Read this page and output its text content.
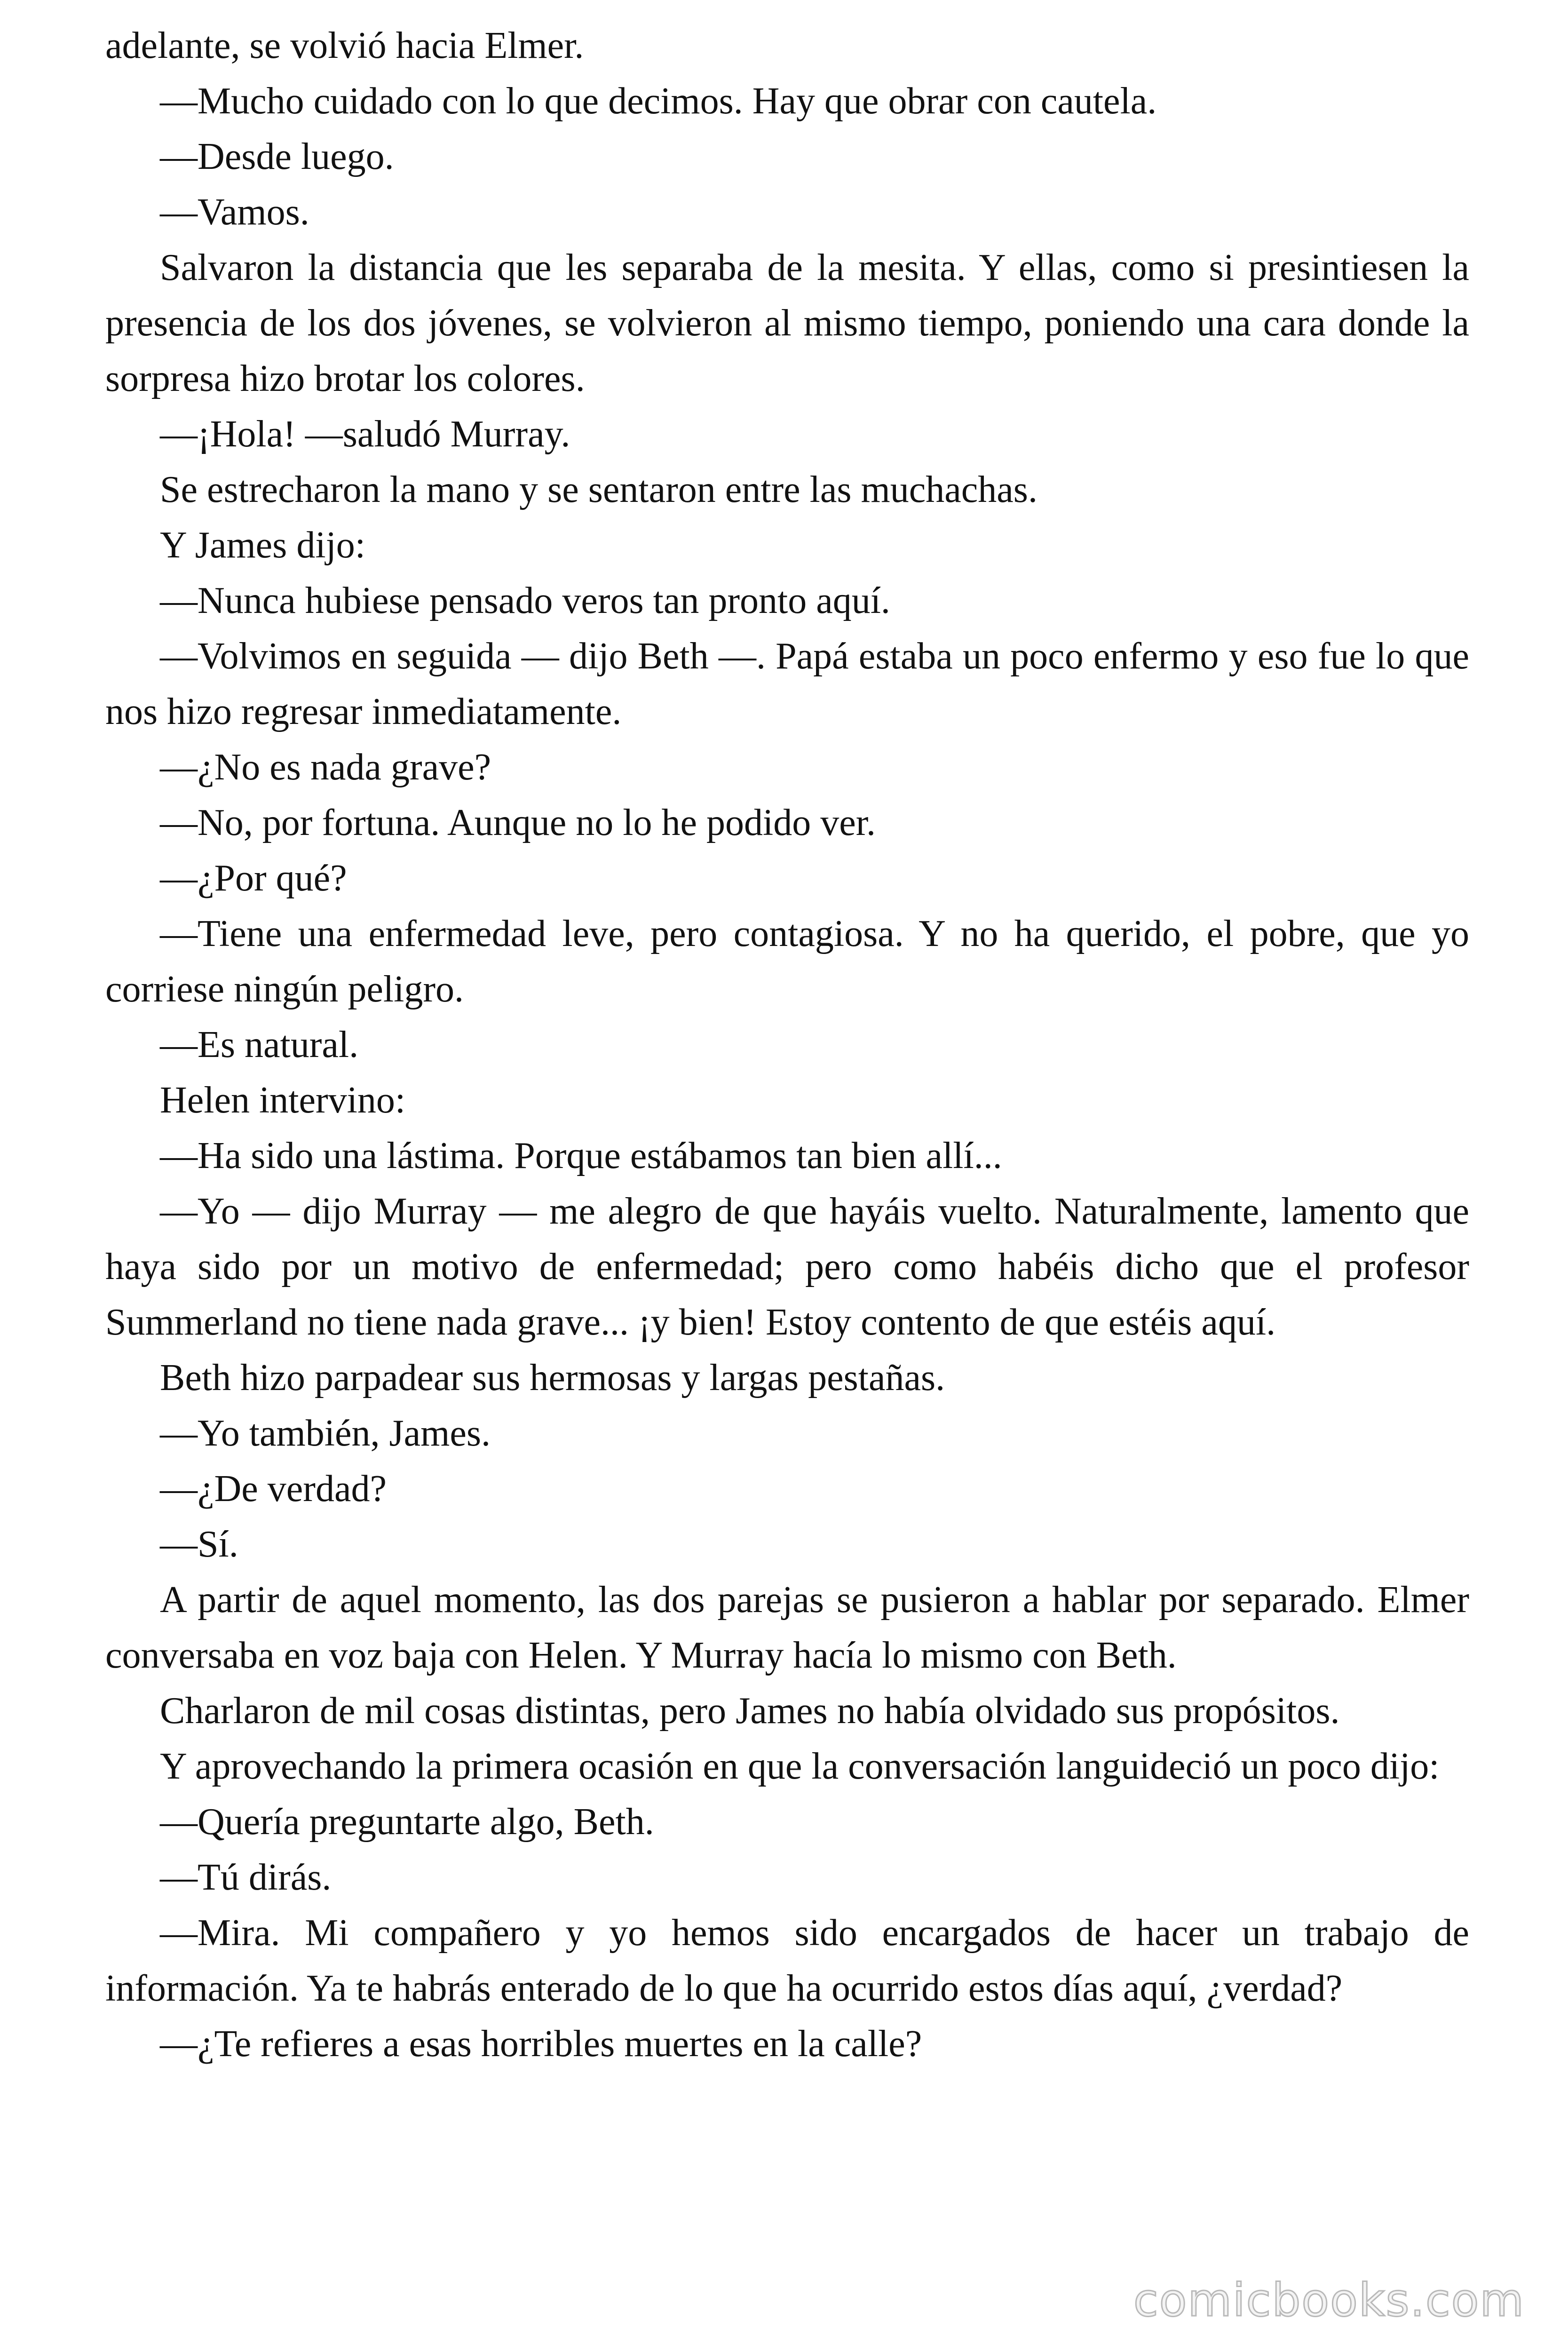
adelante, se volvió hacia Elmer.

—Mucho cuidado con lo que decimos. Hay que obrar con cautela.

—Desde luego.

—Vamos.

Salvaron la distancia que les separaba de la mesita. Y ellas, como si presintiesen la presencia de los dos jóvenes, se volvieron al mismo tiempo, poniendo una cara donde la sorpresa hizo brotar los colores.

—¡Hola! —saludó Murray.

Se estrecharon la mano y se sentaron entre las muchachas.

Y James dijo:

—Nunca hubiese pensado veros tan pronto aquí.

—Volvimos en seguida — dijo Beth —. Papá estaba un poco enfermo y eso fue lo que nos hizo regresar inmediatamente.

—¿No es nada grave?

—No, por fortuna. Aunque no lo he podido ver.

—¿Por qué?

—Tiene una enfermedad leve, pero contagiosa. Y no ha querido, el pobre, que yo corriese ningún peligro.

—Es natural.

Helen intervino:

—Ha sido una lástima. Porque estábamos tan bien allí...

—Yo — dijo Murray — me alegro de que hayáis vuelto. Naturalmente, lamento que haya sido por un motivo de enfermedad; pero como habéis dicho que el profesor Summerland no tiene nada grave... ¡y bien! Estoy contento de que estéis aquí.

Beth hizo parpadear sus hermosas y largas pestañas.

—Yo también, James.

—¿De verdad?

—Sí.

A partir de aquel momento, las dos parejas se pusieron a hablar por separado. Elmer conversaba en voz baja con Helen. Y Murray hacía lo mismo con Beth.

Charlaron de mil cosas distintas, pero James no había olvidado sus propósitos.

Y aprovechando la primera ocasión en que la conversación languideció un poco dijo:

—Quería preguntarte algo, Beth.

—Tú dirás.

—Mira. Mi compañero y yo hemos sido encargados de hacer un trabajo de información. Ya te habrás enterado de lo que ha ocurrido estos días aquí, ¿verdad?

—¿Te refieres a esas horribles muertes en la calle?

comicbooks.com
